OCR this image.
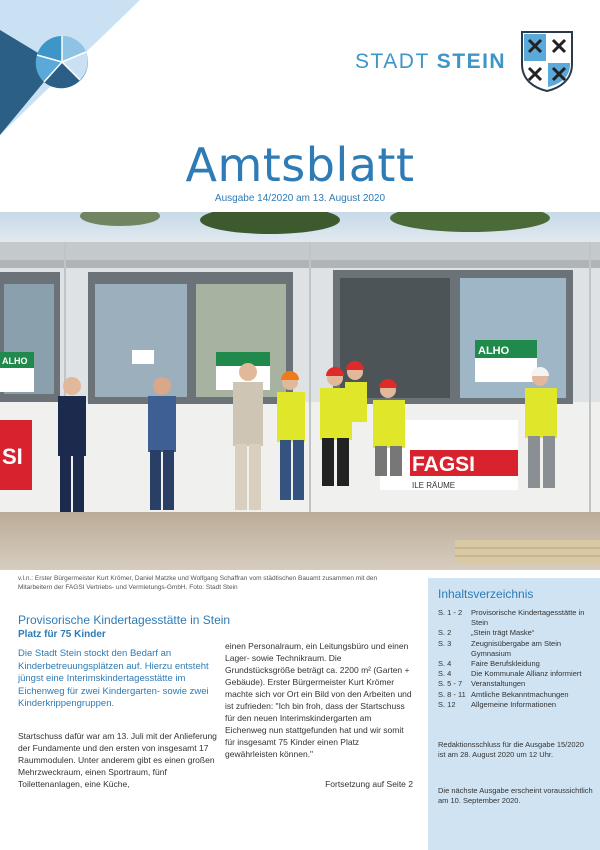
STADT STEIN
Amtsblatt
Ausgabe 14/2020 am 13. August 2020
ALHO
ALHO
SI	FAGSI
ILE RÄUME
v.l.n.: Erster Bürgermeister Kurt Krömer, Daniel Matzke und Wolfgang Schaffran vom städtischen Bauamt zusammen mit den Mitarbeitern der FAGSI Vertriebs- und Vermietungs-GmbH. Foto: Stadt Stein
Provisorische Kindertagesstätte in Stein
Platz für 75 Kinder
Die Stadt Stein stockt den Bedarf an Kinderbetreuungsplätzen auf. Hierzu entsteht jüngst eine Interimskindertagesstätte im Eichenweg für zwei Kindergarten- sowie zwei Kinderkrippengruppen.
Startschuss dafür war am 13. Juli mit der Anlieferung der Fundamente und den ersten von insgesamt 17 Raummodulen. Unter anderem gibt es einen großen Mehrzweckraum, einen Sportraum, fünf Toilettenanlagen, eine Küche,
einen Personalraum, ein Leitungsbüro und einen Lager- sowie Technikraum. Die Grundstücksgröße beträgt ca. 2200 m² (Garten + Gebäude). Erster Bürgermeister Kurt Krömer machte sich vor Ort ein Bild von den Arbeiten und ist zufrieden: "Ich bin froh, dass der Startschuss für den neuen Interimskindergarten am Eichenweg nun stattgefunden hat und wir somit für insgesamt 75 Kinder einen Platz gewährleisten können."
Fortsetzung auf Seite 2
Inhaltsverzeichnis
S. 1 - 2	Provisorische Kindertagesstätte in Stein
S. 2	„Stein trägt Maske“
S. 3	Zeugnisübergabe am Stein Gymnasium
S. 4	Faire Berufskleidung
S. 4	Die Kommunale Allianz informiert
S. 5 - 7	Veranstaltungen
S. 8 - 11 Amtliche Bekanntmachungen
S. 12	Allgemeine Informationen
Redaktionsschluss für die Ausgabe 15/2020 ist am 28. August 2020 um 12 Uhr.
Die nächste Ausgabe erscheint voraussichtlich am 10. September 2020.
